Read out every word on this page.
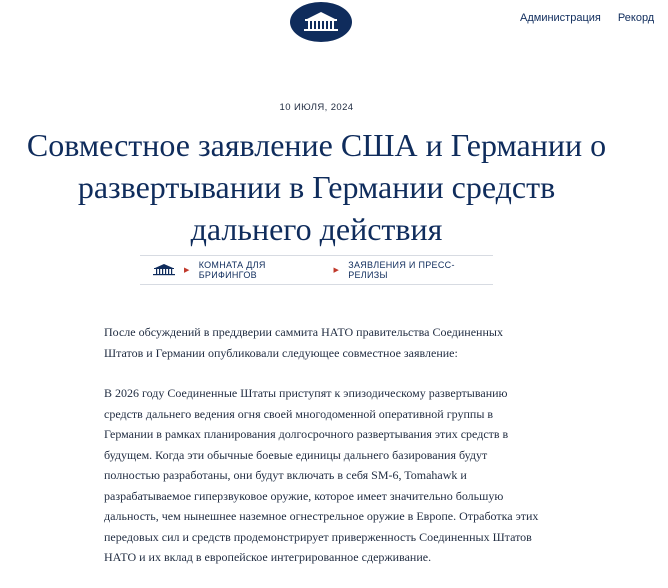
Администрация Рекорд
10 ИЮЛЯ, 2024
Совместное заявление США и Германии о развертывании в Германии средств дальнего действия
▶
КОМНАТА ДЛЯ БРИФИНГОВ	▶
ЗАЯВЛЕНИЯ И ПРЕСС-РЕЛИЗЫ

После обсуждений в преддверии саммита НАТО правительства Соединенных Штатов и Германии опубликовали следующее совместное заявление:

В 2026 году Соединенные Штаты приступят к эпизодическому развертыванию средств дальнего ведения огня своей многодоменной оперативной группы в Германии в рамках планирования долгосрочного развертывания этих средств в будущем. Когда эти обычные боевые единицы дальнего базирования будут полностью разработаны, они будут включать в себя SM-6, Tomahawk и разрабатываемое гиперзвуковое оружие, которое имеет значительно большую дальность, чем нынешнее наземное огнестрельное оружие в Европе. Отработка этих передовых сил и средств продемонстрирует приверженность Соединенных Штатов НАТО и их вклад в европейское интегрированное сдерживание.
